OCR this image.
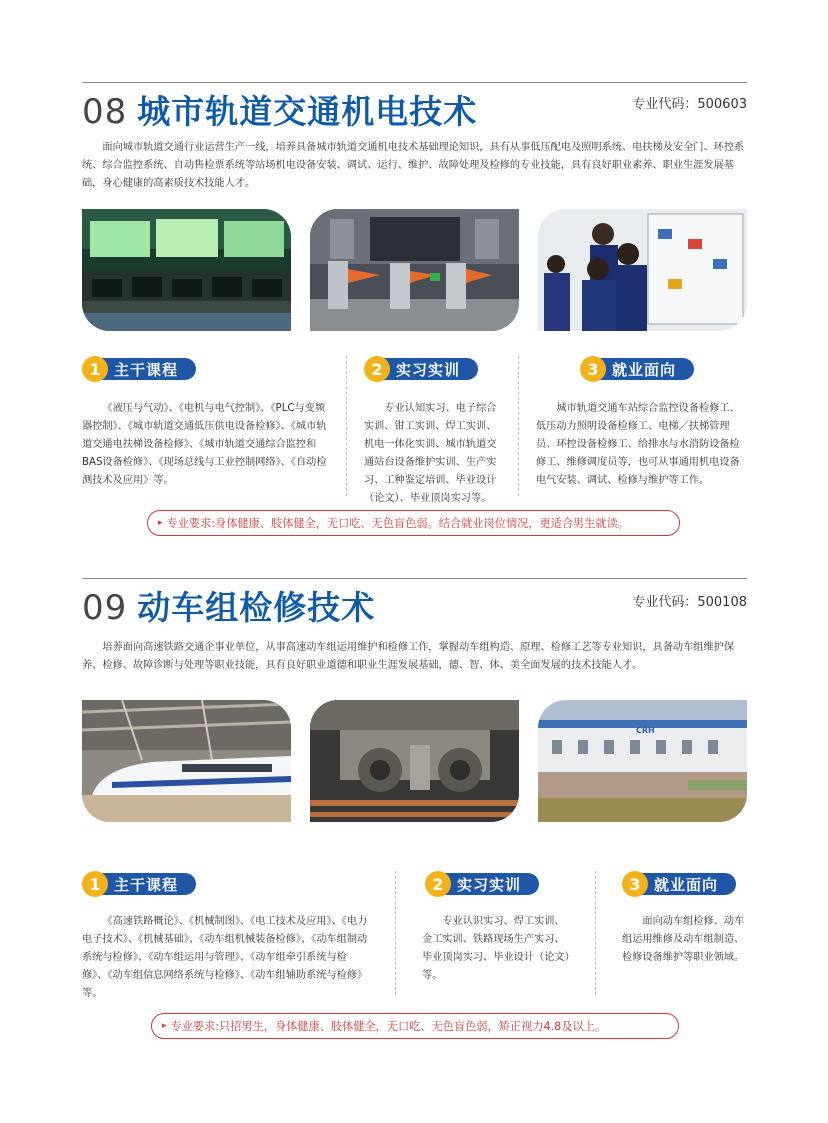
08 城市轨道交通机电技术	专业代码：500603

面向城市轨道交通行业运营生产一线，培养具备城市轨道交通机电技术基础理论知识，具有从事低压配电及照明系统、电扶梯及安全门、环控系统、综合监控系统、自动售检票系统等站场机电设备安装、调试、运行、维护、故障处理及检修的专业技能，具有良好职业素养、职业生涯发展基础，身心健康的高素质技术技能人才。

1 主干课程	2 实习实训	3 就业面向

《液压与气动》、《电机与电气控制》、《PLC与变频器控制》、《城市轨道交通低压供电设备检修》、《城市轨道交通电扶梯设备检修》、《城市轨道交通综合监控和BAS设备检修》、《现场总线与工业控制网络》、《自动检测技术及应用》等。

专业认知实习、电子综合实训、钳工实训、焊工实训、机电一体化实训、城市轨道交通站台设备维护实训、生产实习、工种鉴定培训、毕业设计（论文）、毕业顶岗实习等。

城市轨道交通车站综合监控设备检修工、低压动力照明设备检修工、电梯／扶梯管理员、环控设备检修工、给排水与水消防设备检修工、维修调度员等，也可从事通用机电设备电气安装、调试、检修与维护等工作。

▸ 专业要求:身体健康、肢体健全，无口吃、无色盲色弱。结合就业岗位情况，更适合男生就读。
09 动车组检修技术	专业代码：500108

培养面向高速铁路交通企事业单位，从事高速动车组运用维护和检修工作，掌握动车组构造、原理、检修工艺等专业知识，具备动车组维护保养、检修、故障诊断与处理等职业技能，具有良好职业道德和职业生涯发展基础，德、智、体、美全面发展的技术技能人才。

CRH
1 主干课程	2 实习实训	3 就业面向

《高速铁路概论》、《机械制图》、《电工技术及应用》、《电力电子技术》、《机械基础》、《动车组机械装备检修》、《动车组制动系统与检修》、《动车组运用与管理》、《动车组牵引系统与检修》、《动车组信息网络系统与检修》、《动车组辅助系统与检修》等。

专业认识实习、焊工实训、金工实训、铁路现场生产实习、毕业顶岗实习、毕业设计（论文）等。

面向动车组检修、动车组运用维修及动车组制造、检修设备维护等职业领域。

▸ 专业要求:只招男生，身体健康、肢体健全，无口吃、无色盲色弱，矫正视力4.8及以上。
